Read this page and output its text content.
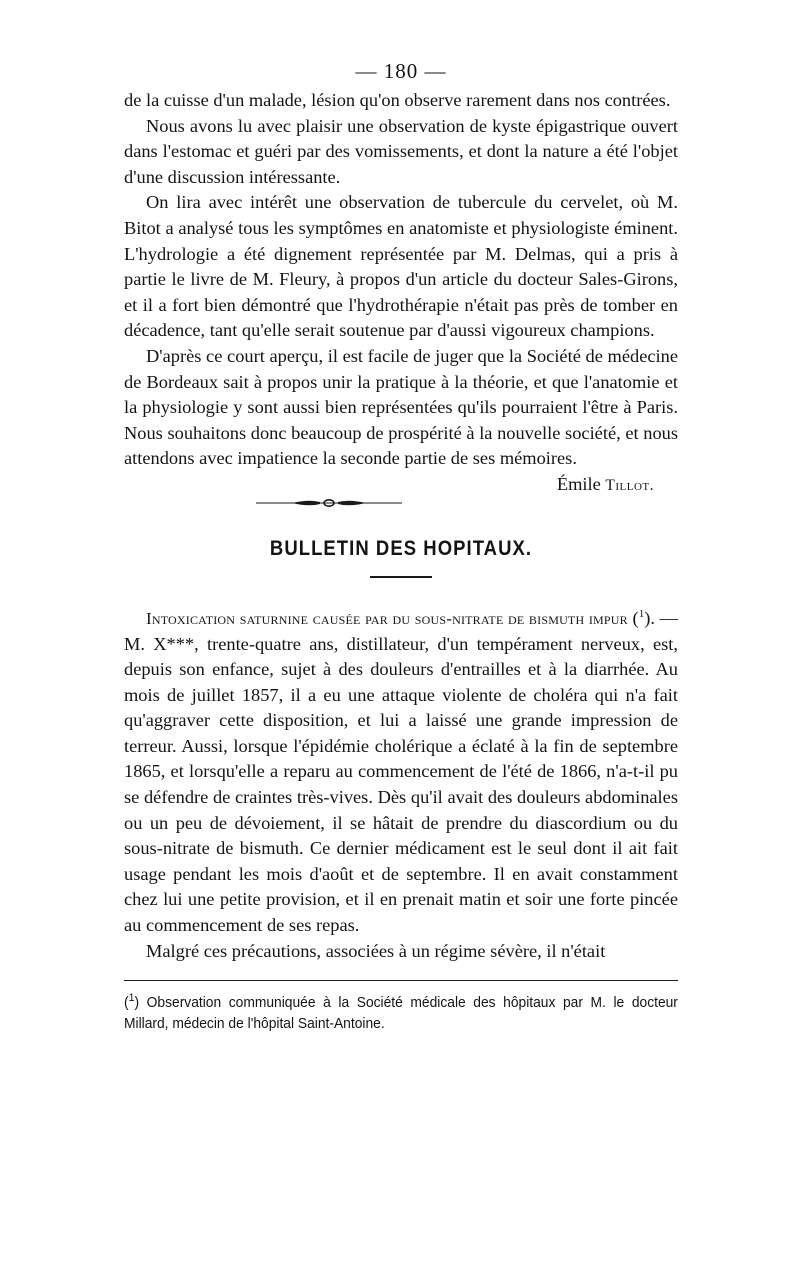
— 180 —

de la cuisse d'un malade, lésion qu'on observe rarement dans nos contrées.

Nous avons lu avec plaisir une observation de kyste épigastrique ouvert dans l'estomac et guéri par des vomissements, et dont la nature a été l'objet d'une discussion intéressante.

On lira avec intérêt une observation de tubercule du cervelet, où M. Bitot a analysé tous les symptômes en anatomiste et physiologiste éminent. L'hydrologie a été dignement représentée par M. Delmas, qui a pris à partie le livre de M. Fleury, à propos d'un article du docteur Sales-Girons, et il a fort bien démontré que l'hydrothérapie n'était pas près de tomber en décadence, tant qu'elle serait soutenue par d'aussi vigoureux champions.

D'après ce court aperçu, il est facile de juger que la Société de médecine de Bordeaux sait à propos unir la pratique à la théorie, et que l'anatomie et la physiologie y sont aussi bien représentées qu'ils pourraient l'être à Paris. Nous souhaitons donc beaucoup de prospérité à la nouvelle société, et nous attendons avec impatience la seconde partie de ses mémoires.
Émile Tillot.

BULLETIN DES HOPITAUX.

Intoxication saturnine causée par du sous-nitrate de bismuth impur ($^1$). — M. X***, trente-quatre ans, distillateur, d'un tempérament nerveux, est, depuis son enfance, sujet à des douleurs d'entrailles et à la diarrhée. Au mois de juillet 1857, il a eu une attaque violente de choléra qui n'a fait qu'aggraver cette disposition, et lui a laissé une grande impression de terreur. Aussi, lorsque l'épidémie cholérique a éclaté à la fin de septembre 1865, et lorsqu'elle a reparu au commencement de l'été de 1866, n'a-t-il pu se défendre de craintes très-vives. Dès qu'il avait des douleurs abdominales ou un peu de dévoiement, il se hâtait de prendre du diascordium ou du sous-nitrate de bismuth. Ce dernier médicament est le seul dont il ait fait usage pendant les mois d'août et de septembre. Il en avait constamment chez lui une petite provision, et il en prenait matin et soir une forte pincée au commencement de ses repas.

Malgré ces précautions, associées à un régime sévère, il n'était

($^1$) Observation communiquée à la Société médicale des hôpitaux par M. le docteur Millard, médecin de l'hôpital Saint-Antoine.
